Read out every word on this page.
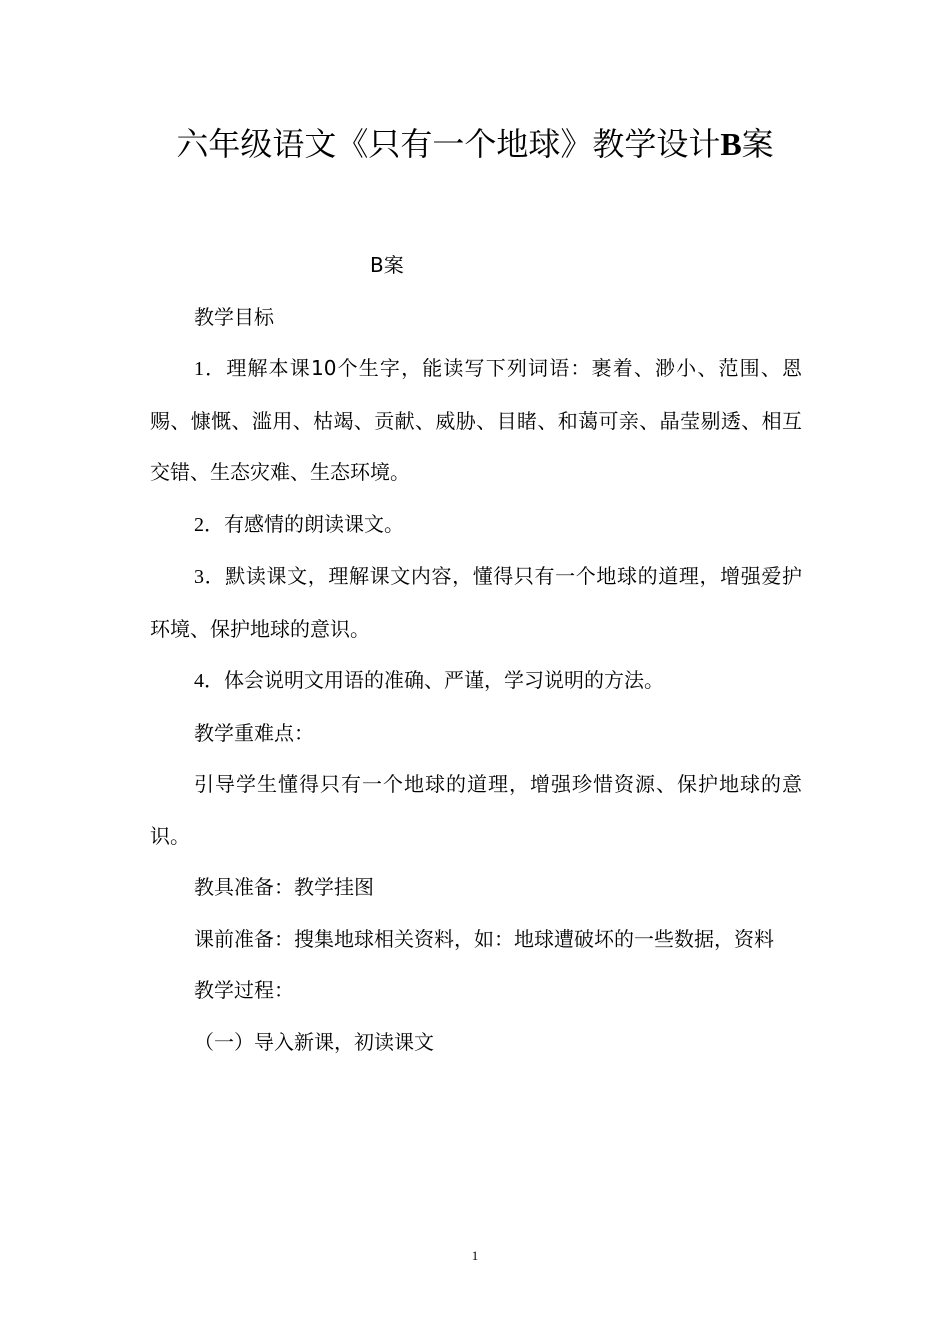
六年级语文《只有一个地球》教学设计B案

B案

教学目标

1．理解本课10个生字，能读写下列词语：裹着、渺小、范围、恩赐、慷慨、滥用、枯竭、贡献、威胁、目睹、和蔼可亲、晶莹剔透、相互交错、生态灾难、生态环境。

2．有感情的朗读课文。

3．默读课文，理解课文内容，懂得只有一个地球的道理，增强爱护环境、保护地球的意识。

4．体会说明文用语的准确、严谨，学习说明的方法。

教学重难点：

引导学生懂得只有一个地球的道理，增强珍惜资源、保护地球的意识。

教具准备：教学挂图

课前准备：搜集地球相关资料，如：地球遭破坏的一些数据，资料

教学过程：

（一）导入新课，初读课文

1
